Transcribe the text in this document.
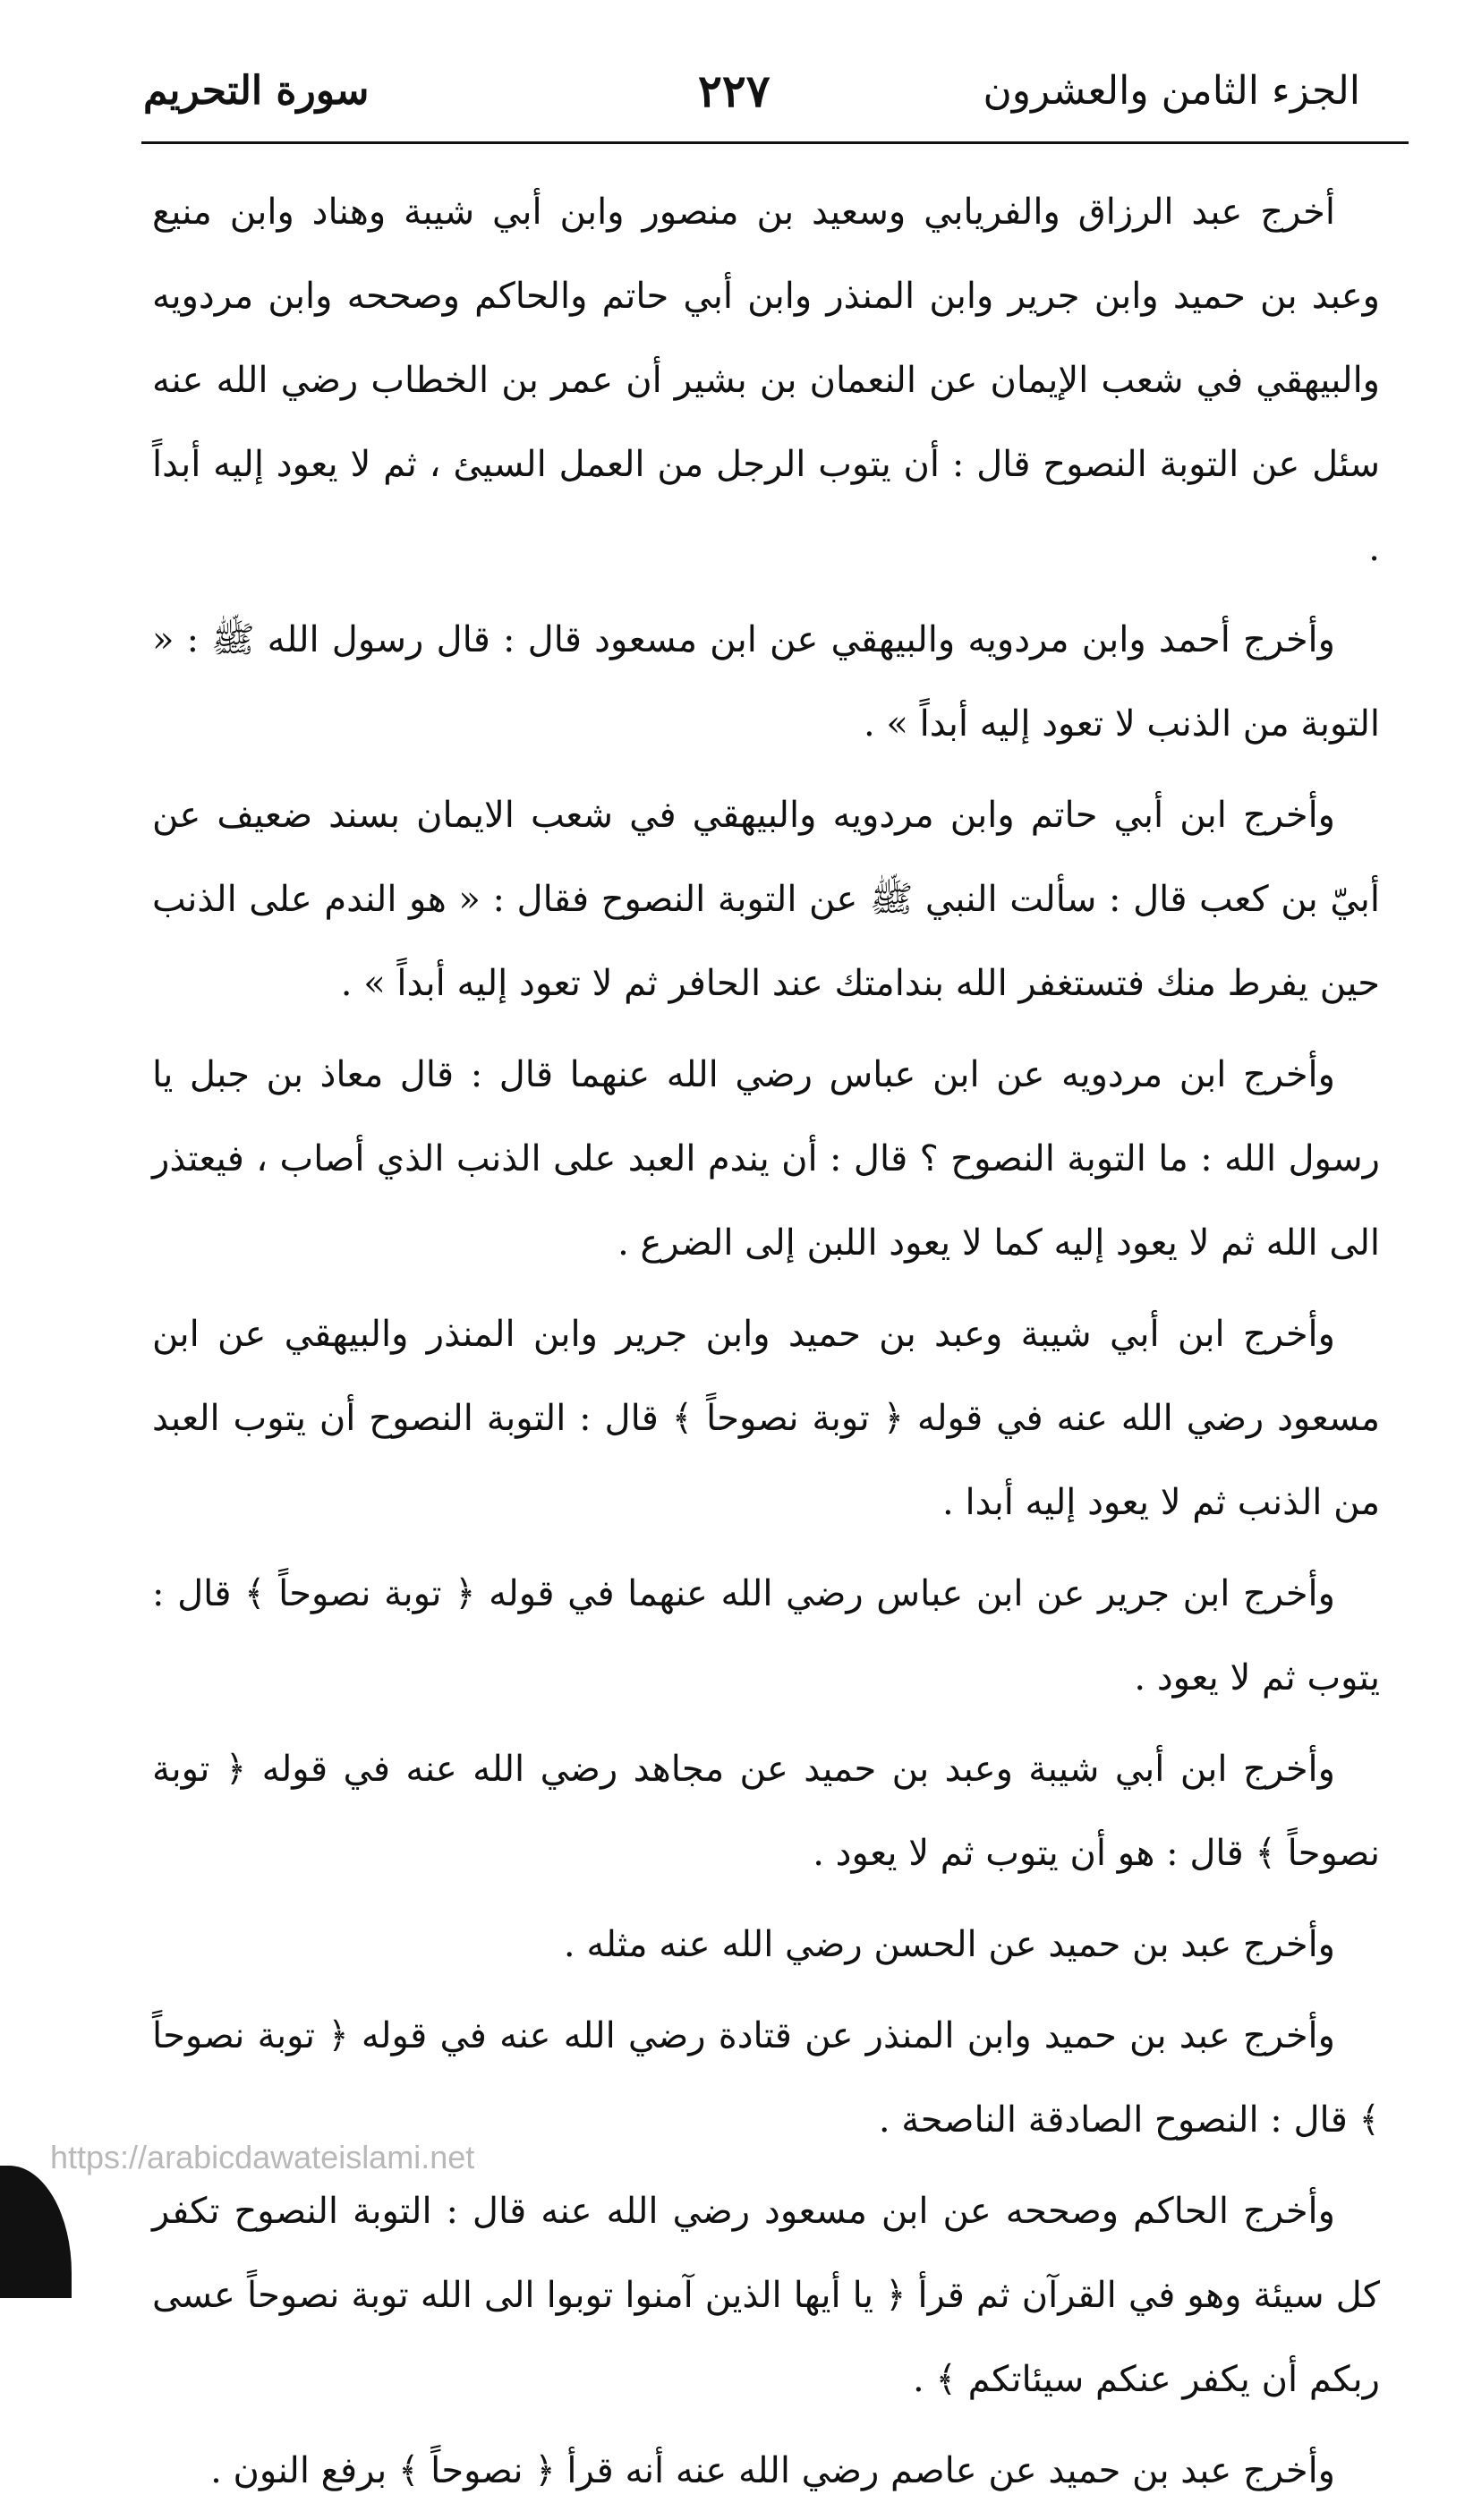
الجزء الثامن والعشرون
٢٢٧
سورة التحريم

أخرج عبد الرزاق والفريابي وسعيد بن منصور وابن أبي شيبة وهناد وابن منيع وعبد بن حميد وابن جرير وابن المنذر وابن أبي حاتم والحاكم وصححه وابن مردويه والبيهقي في شعب الإيمان عن النعمان بن بشير أن عمر بن الخطاب رضي الله عنه سئل عن التوبة النصوح قال : أن يتوب الرجل من العمل السيئ ، ثم لا يعود إليه أبداً .

وأخرج أحمد وابن مردويه والبيهقي عن ابن مسعود قال : قال رسول الله ﷺ : « التوبة من الذنب لا تعود إليه أبداً » .

وأخرج ابن أبي حاتم وابن مردويه والبيهقي في شعب الايمان بسند ضعيف عن أبيّ بن كعب قال : سألت النبي ﷺ عن التوبة النصوح فقال : « هو الندم على الذنب حين يفرط منك فتستغفر الله بندامتك عند الحافر ثم لا تعود إليه أبداً » .

وأخرج ابن مردويه عن ابن عباس رضي الله عنهما قال : قال معاذ بن جبل يا رسول الله : ما التوبة النصوح ؟ قال : أن يندم العبد على الذنب الذي أصاب ، فيعتذر الى الله ثم لا يعود إليه كما لا يعود اللبن إلى الضرع .

وأخرج ابن أبي شيبة وعبد بن حميد وابن جرير وابن المنذر والبيهقي عن ابن مسعود رضي الله عنه في قوله ﴿ توبة نصوحاً ﴾ قال : التوبة النصوح أن يتوب العبد من الذنب ثم لا يعود إليه أبدا .

وأخرج ابن جرير عن ابن عباس رضي الله عنهما في قوله ﴿ توبة نصوحاً ﴾ قال : يتوب ثم لا يعود .

وأخرج ابن أبي شيبة وعبد بن حميد عن مجاهد رضي الله عنه في قوله ﴿ توبة نصوحاً ﴾ قال : هو أن يتوب ثم لا يعود .

وأخرج عبد بن حميد عن الحسن رضي الله عنه مثله .

وأخرج عبد بن حميد وابن المنذر عن قتادة رضي الله عنه في قوله ﴿ توبة نصوحاً ﴾ قال : النصوح الصادقة الناصحة .

وأخرج الحاكم وصححه عن ابن مسعود رضي الله عنه قال : التوبة النصوح تكفر كل سيئة وهو في القرآن ثم قرأ ﴿ يا أيها الذين آمنوا توبوا الى الله توبة نصوحاً عسى ربكم أن يكفر عنكم سيئاتكم ﴾ .

وأخرج عبد بن حميد عن عاصم رضي الله عنه أنه قرأ ﴿ نصوحاً ﴾ برفع النون .

https://arabicdawateislami.net
